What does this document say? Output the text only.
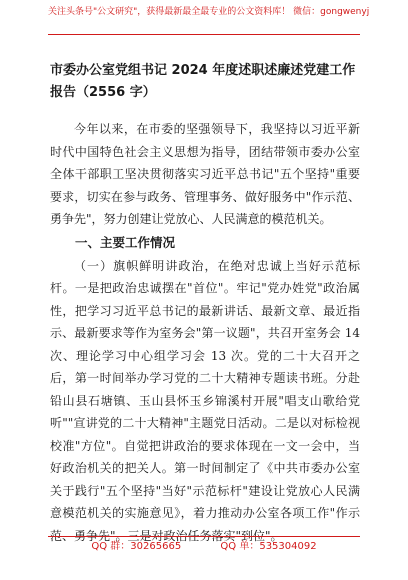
关注头条号"公文研究"，获得最新最全最专业的公文资料库！ 微信：gongwenyj
市委办公室党组书记 2024 年度述职述廉述党建工作报告（2556 字）

今年以来，在市委的坚强领导下，我坚持以习近平新时代中国特色社会主义思想为指导，团结带领市委办公室全体干部职工坚决贯彻落实习近平总书记"五个坚持"重要要求，切实在参与政务、管理事务、做好服务中"作示范、勇争先"，努力创建让党放心、人民满意的模范机关。

一、主要工作情况

（一）旗帜鲜明讲政治，在绝对忠诚上当好示范标杆。一是把政治忠诚摆在"首位"。牢记"党办姓党"政治属性，把学习习近平总书记的最新讲话、最新文章、最近指示、最新要求等作为室务会"第一议题"，共召开室务会 14 次、理论学习中心组学习会 13 次。党的二十大召开之后，第一时间举办学习党的二十大精神专题读书班。分赴铅山县石塘镇、玉山县怀玉乡锦溪村开展"唱支山歌给党听""宣讲党的二十大精神"主题党日活动。二是以对标检视校准"方位"。自觉把讲政治的要求体现在一文一会中，当好政治机关的把关人。第一时间制定了《中共市委办公室关于践行"五个坚持"当好"示范标杆"建设让党放心人民满意模范机关的实施意见》，着力推动办公室各项工作"作示范、勇争先"。三是对政治任务落实"到位"。

QQ 群：30265665	QQ 单：535304092
